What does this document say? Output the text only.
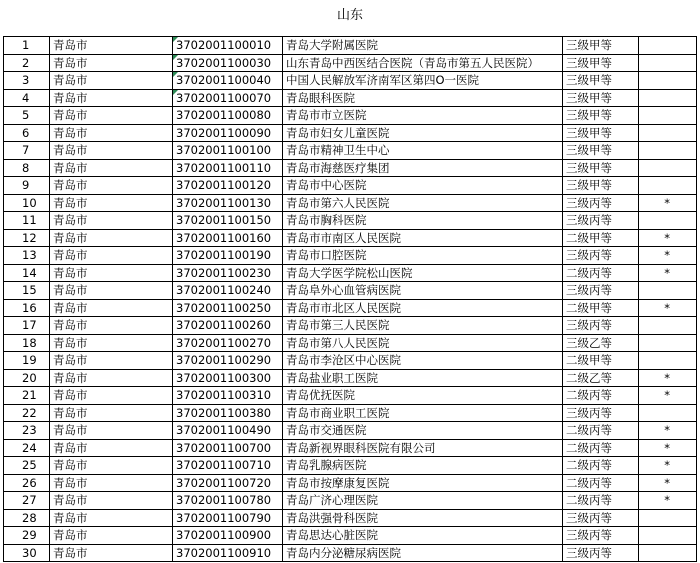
山东
1	青岛市	3702001100010	青岛大学附属医院	三级甲等	
2	青岛市	3702001100030	山东青岛中西医结合医院（青岛市第五人民医院）	三级甲等	
3	青岛市	3702001100040	中国人民解放军济南军区第四O一医院	三级甲等	
4	青岛市	3702001100070	青岛眼科医院	三级甲等	
5	青岛市	3702001100080	青岛市市立医院	三级甲等	
6	青岛市	3702001100090	青岛市妇女儿童医院	三级甲等	
7	青岛市	3702001100100	青岛市精神卫生中心	三级甲等	
8	青岛市	3702001100110	青岛市海慈医疗集团	三级甲等	
9	青岛市	3702001100120	青岛市中心医院	三级甲等	
10	青岛市	3702001100130	青岛市第六人民医院	三级丙等	*
11	青岛市	3702001100150	青岛市胸科医院	三级丙等	
12	青岛市	3702001100160	青岛市市南区人民医院	二级甲等	*
13	青岛市	3702001100190	青岛市口腔医院	三级丙等	*
14	青岛市	3702001100230	青岛大学医学院松山医院	二级丙等	*
15	青岛市	3702001100240	青岛阜外心血管病医院	三级丙等	
16	青岛市	3702001100250	青岛市市北区人民医院	二级甲等	*
17	青岛市	3702001100260	青岛市第三人民医院	三级丙等	
18	青岛市	3702001100270	青岛市第八人民医院	三级乙等	
19	青岛市	3702001100290	青岛市李沧区中心医院	二级甲等	
20	青岛市	3702001100300	青岛盐业职工医院	二级乙等	*
21	青岛市	3702001100310	青岛优抚医院	二级丙等	*
22	青岛市	3702001100380	青岛市商业职工医院	三级丙等	
23	青岛市	3702001100490	青岛市交通医院	二级丙等	*
24	青岛市	3702001100700	青岛新视界眼科医院有限公司	二级丙等	*
25	青岛市	3702001100710	青岛乳腺病医院	二级丙等	*
26	青岛市	3702001100720	青岛市按摩康复医院	二级丙等	*
27	青岛市	3702001100780	青岛广济心理医院	二级丙等	*
28	青岛市	3702001100790	青岛洪强骨科医院	三级丙等	
29	青岛市	3702001100900	青岛思达心脏医院	三级丙等	
30	青岛市	3702001100910	青岛内分泌糖尿病医院	三级丙等	
